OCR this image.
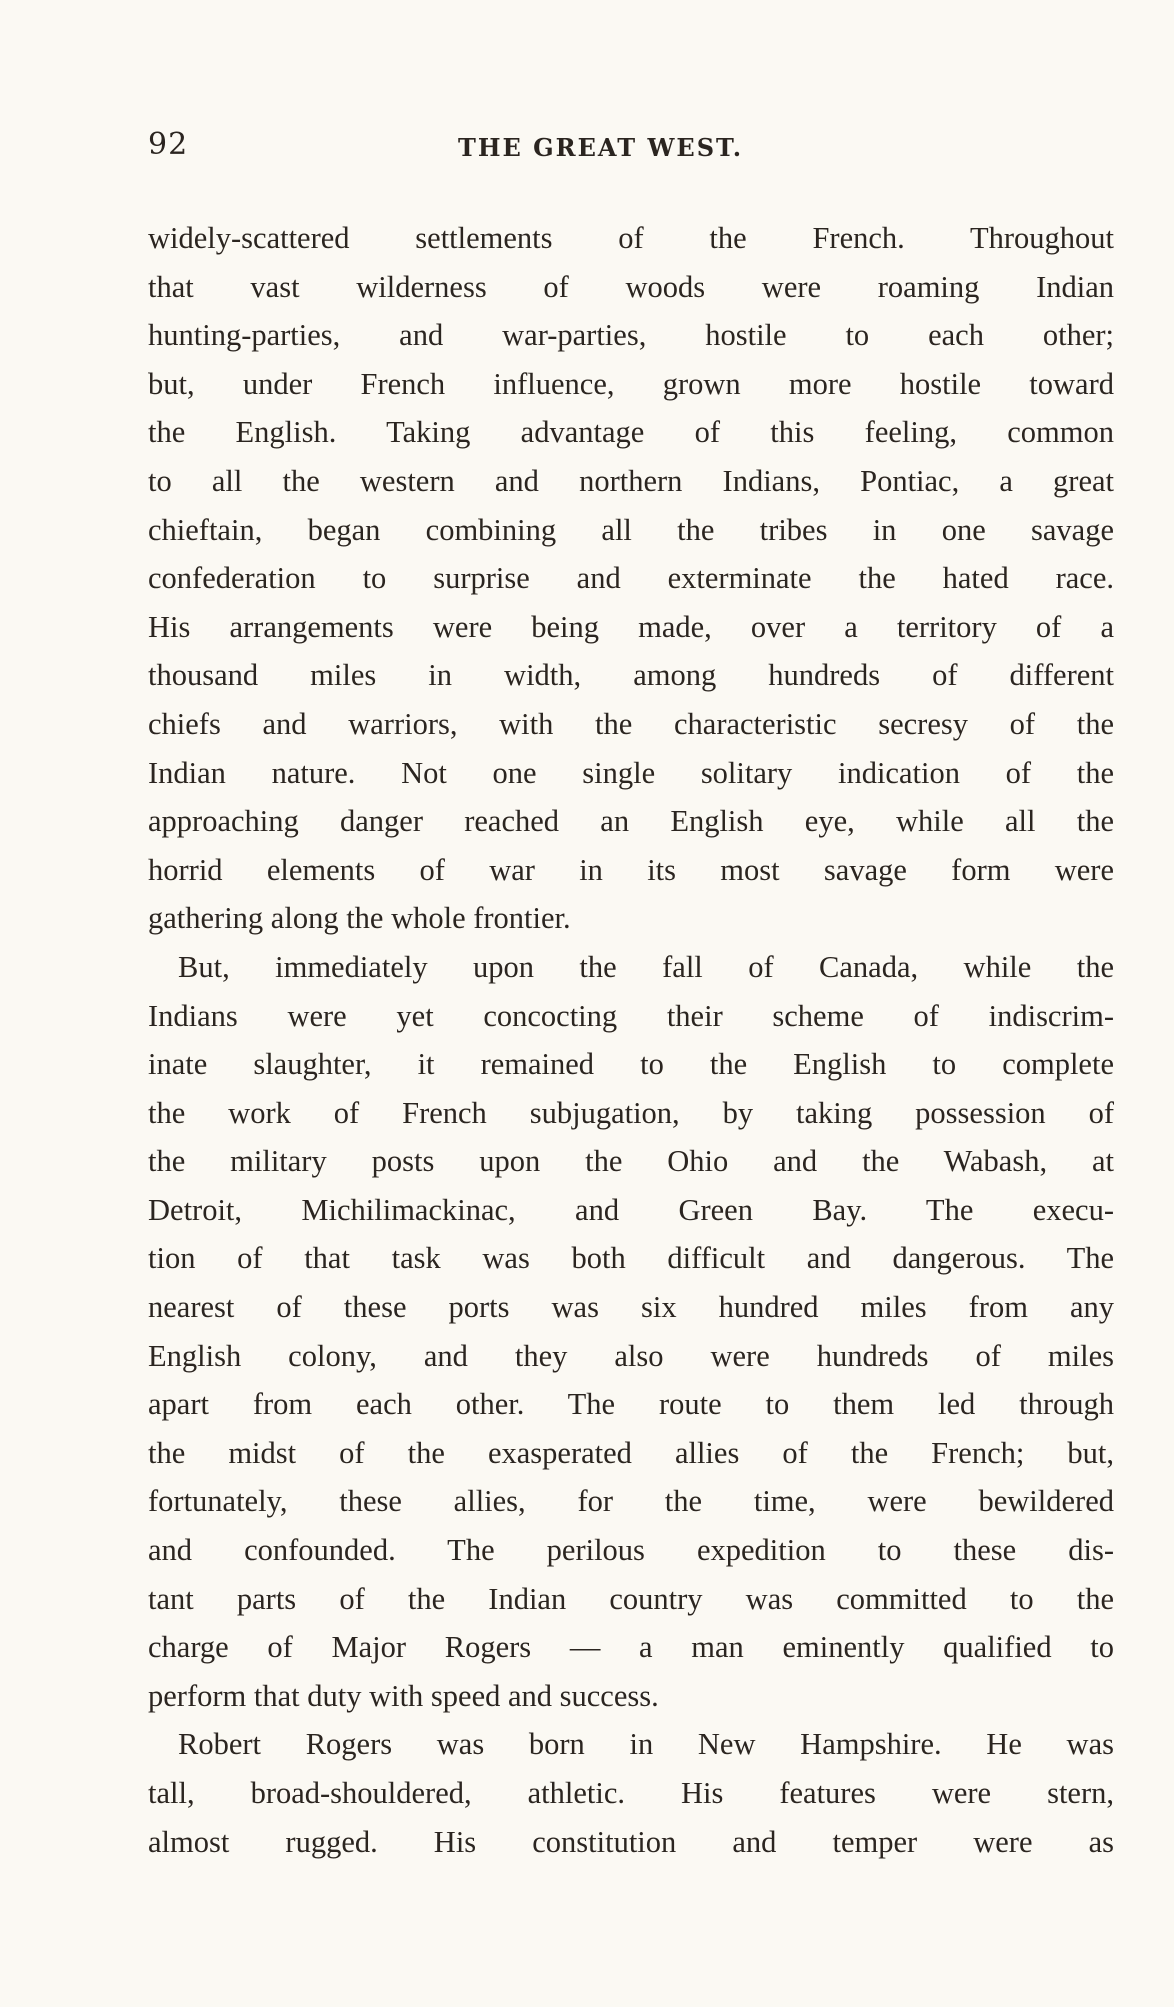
92	THE GREAT WEST.
widely-scattered settlements of the French. Throughout
that vast wilderness of woods were roaming Indian
hunting-parties, and war-parties, hostile to each other;
but, under French influence, grown more hostile toward
the English. Taking advantage of this feeling, common
to all the western and northern Indians, Pontiac, a great
chieftain, began combining all the tribes in one savage
confederation to surprise and exterminate the hated race.
His arrangements were being made, over a territory of a
thousand miles in width, among hundreds of different
chiefs and warriors, with the characteristic secresy of the
Indian nature. Not one single solitary indication of the
approaching danger reached an English eye, while all the
horrid elements of war in its most savage form were
gathering along the whole frontier.
But, immediately upon the fall of Canada, while the
Indians were yet concocting their scheme of indiscrim-
inate slaughter, it remained to the English to complete
the work of French subjugation, by taking possession of
the military posts upon the Ohio and the Wabash, at
Detroit, Michilimackinac, and Green Bay. The execu-
tion of that task was both difficult and dangerous. The
nearest of these ports was six hundred miles from any
English colony, and they also were hundreds of miles
apart from each other. The route to them led through
the midst of the exasperated allies of the French; but,
fortunately, these allies, for the time, were bewildered
and confounded. The perilous expedition to these dis-
tant parts of the Indian country was committed to the
charge of Major Rogers — a man eminently qualified to
perform that duty with speed and success.
Robert Rogers was born in New Hampshire. He was
tall, broad-shouldered, athletic. His features were stern,
almost rugged. His constitution and temper were as
